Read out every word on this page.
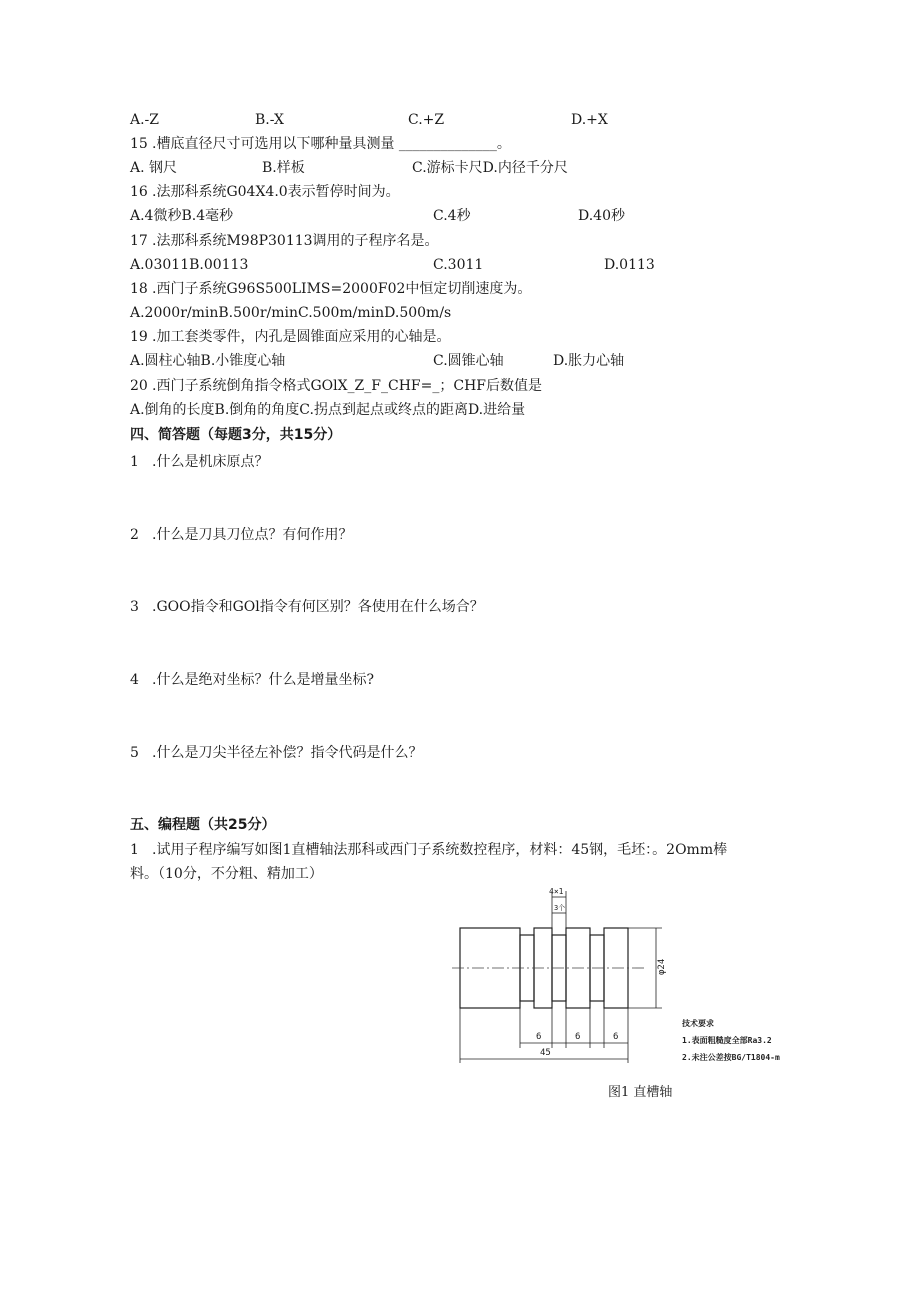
A.-Z	B.-X	C.+Z	D.+X
15 .槽底直径尺寸可选用以下哪种量具测量 ______________。
A. 钢尺	B.样板	C.游标卡尺D.内径千分尺
16 .法那科系统G04X4.0表示暂停时间为。
A.4微秒B.4毫秒	C.4秒	D.40秒
17 .法那科系统M98P30113调用的子程序名是。
A.03011B.00113	C.3011	D.0113
18 .西门子系统G96S500LIMS=2000F02中恒定切削速度为。
A.2000r/minB.500r/minC.500m/minD.500m/s
19 .加工套类零件，内孔是圆锥面应采用的心轴是。
A.圆柱心轴B.小锥度心轴	C.圆锥心轴	D.胀力心轴
20 .西门子系统倒角指令格式GOlX_Z_F_CHF=_；CHF后数值是
A.倒角的长度B.倒角的角度C.拐点到起点或终点的距离D.进给量
四、简答题（每题3分，共15分）
1 .什么是机床原点？
2 .什么是刀具刀位点？有何作用？
3 .GOO指令和GOl指令有何区别？各使用在什么场合？
4 .什么是绝对坐标？什么是增量坐标?
5 .什么是刀尖半径左补偿？指令代码是什么？
五、编程题（共25分）
1 .试用子程序编写如图1直槽轴法那科或西门子系统数控程序，材料：45钢，毛坯：。2Omm棒
料。（10分，不分粗、精加工）
4×1
3个
φ24
6	6	6
45
技术要求
1.表面粗糙度全部Ra3.2
2.未注公差按BG/T1804-m
图1 直槽轴
